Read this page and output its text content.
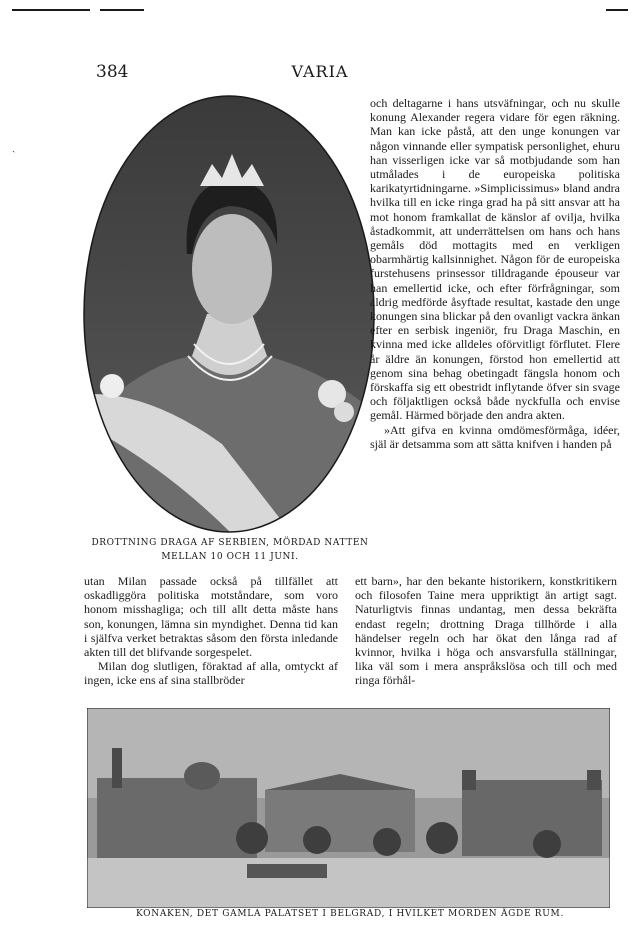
ˏ
384	VARIA
DROTTNING DRAGA AF SERBIEN, MÖRDAD NATTEN
MELLAN 10 OCH 11 JUNI.

och deltagarne i hans utsväfningar, och nu skulle konung Alexander regera vidare för egen räkning. Man kan icke påstå, att den unge konungen var någon vinnande eller sympatisk personlighet, ehuru han visserligen icke var så motbjudande som han utmålades i de europeiska politiska karikatyrtidningarne. »Simplicissimus» bland andra hvilka till en icke ringa grad ha på sitt ansvar att ha mot honom framkallat de känslor af ovilja, hvilka åstadkommit, att underrättelsen om hans och hans gemåls död mottagits med en verkligen obarmhärtig kallsinnighet. Någon för de europeiska furstehusens prinsessor tilldragande épouseur var han emellertid icke, och efter förfrågningar, som aldrig medförde åsyftade resultat, kastade den unge konungen sina blickar på den ovanligt vackra änkan efter en serbisk ingeniör, fru Draga Maschin, en kvinna med icke alldeles oförvitligt förflutet. Flere år äldre än konungen, förstod hon emellertid att genom sina behag obetingadt fängsla honom och förskaffa sig ett obestridt inflytande öfver sin svage och följaktligen också både nyckfulla och envise gemål. Härmed började den andra akten.

»Att gifva en kvinna omdömesförmåga, idéer, själ är detsamma som att sätta knifven i handen på

utan Milan passade också på tillfället att oskadliggöra politiska motståndare, som voro honom misshagliga; och till allt detta måste hans son, konungen, lämna sin myndighet. Denna tid kan i själfva verket betraktas såsom den första inledande akten till det blifvande sorgespelet.

Milan dog slutligen, föraktad af alla, omtyckt af ingen, icke ens af sina stallbröder

ett barn», har den bekante historikern, konstkritikern och filosofen Taine mera uppriktigt än artigt sagt. Naturligtvis finnas undantag, men dessa bekräfta endast regeln; drottning Draga tillhörde i alla händelser regeln och har ökat den långa rad af kvinnor, hvilka i höga och ansvarsfulla ställningar, lika väl som i mera anspråkslösa och till och med ringa förhål-

KONAKEN, DET GAMLA PALATSET I BELGRAD, I HVILKET MORDEN ÄGDE RUM.
